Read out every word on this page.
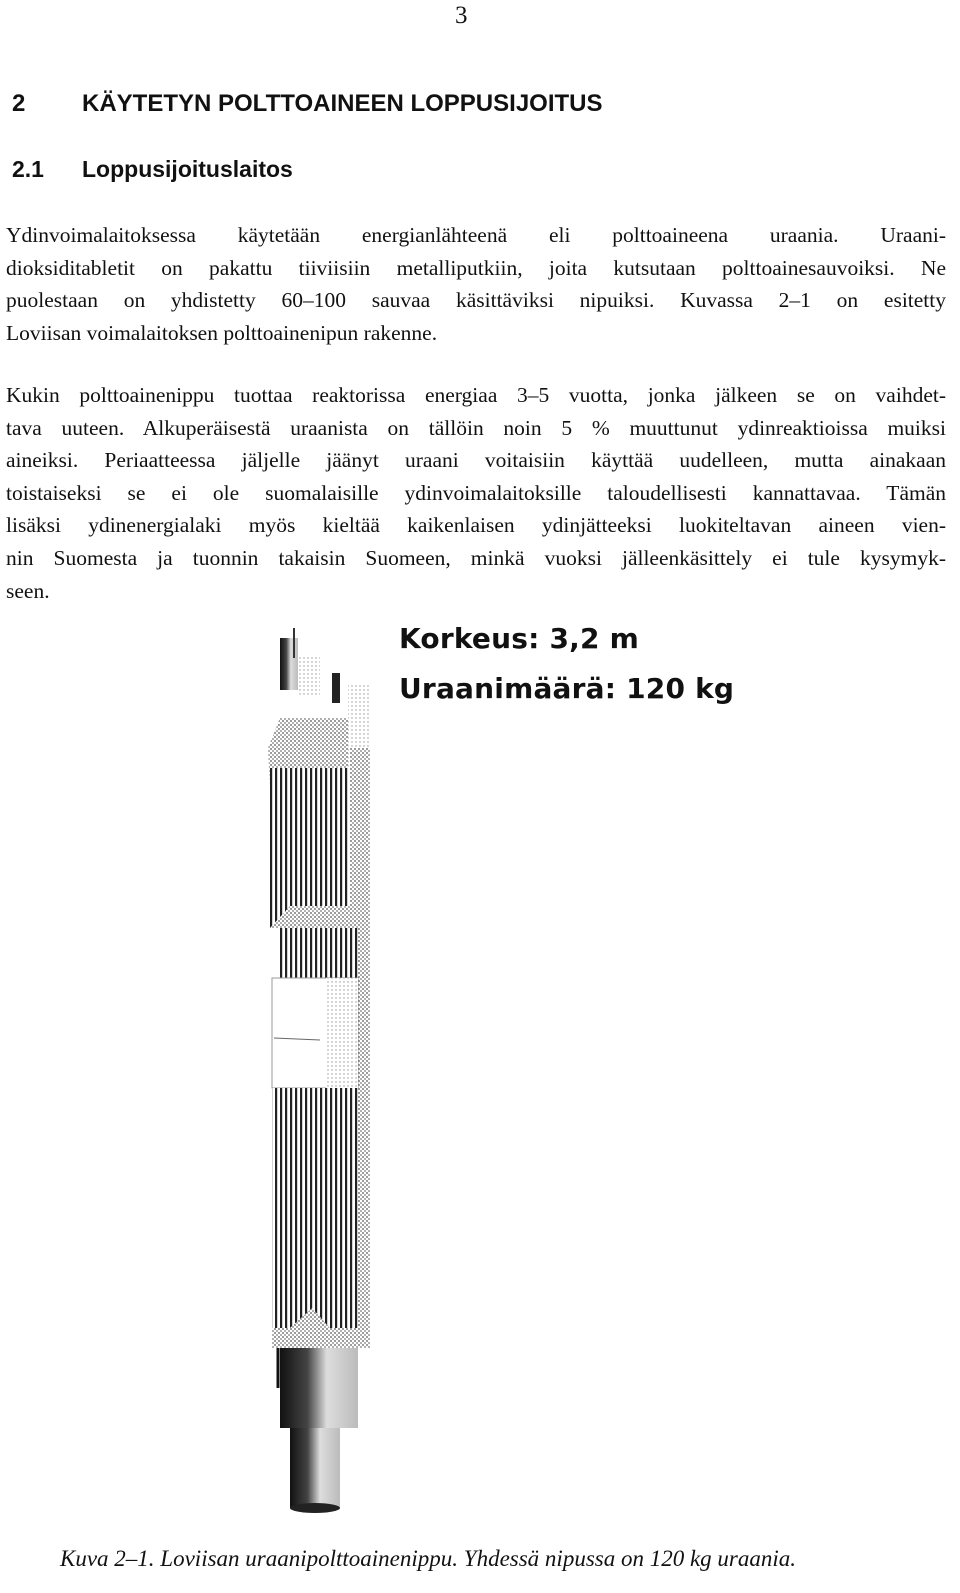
3
2 KÄYTETYN POLTTOAINEEN LOPPUSIJOITUS
2.1 Loppusijoituslaitos
Ydinvoimalaitoksessa käytetään energianlähteenä eli polttoaineena uraania. Uraani-
dioksiditabletit on pakattu tiiviisiin metalliputkiin, joita kutsutaan polttoainesauvoiksi. Ne
puolestaan on yhdistetty 60–100 sauvaa käsittäviksi nipuiksi. Kuvassa 2–1 on esitetty
Loviisan voimalaitoksen polttoainenipun rakenne.
Kukin polttoainenippu tuottaa reaktorissa energiaa 3–5 vuotta, jonka jälkeen se on vaihdet-
tava uuteen. Alkuperäisestä uraanista on tällöin noin 5 % muuttunut ydinreaktioissa muiksi
aineiksi. Periaatteessa jäljelle jäänyt uraani voitaisiin käyttää uudelleen, mutta ainakaan
toistaiseksi se ei ole suomalaisille ydinvoimalaitoksille taloudellisesti kannattavaa. Tämän
lisäksi ydinenergialaki myös kieltää kaikenlaisen ydinjätteeksi luokiteltavan aineen vien-
nin Suomesta ja tuonnin takaisin Suomeen, minkä vuoksi jälleenkäsittely ei tule kysymyk-
seen.
Korkeus: 3,2 m
Uraanimäärä: 120 kg
Kuva 2–1. Loviisan uraanipolttoainenippu. Yhdessä nipussa on 120 kg uraania.
